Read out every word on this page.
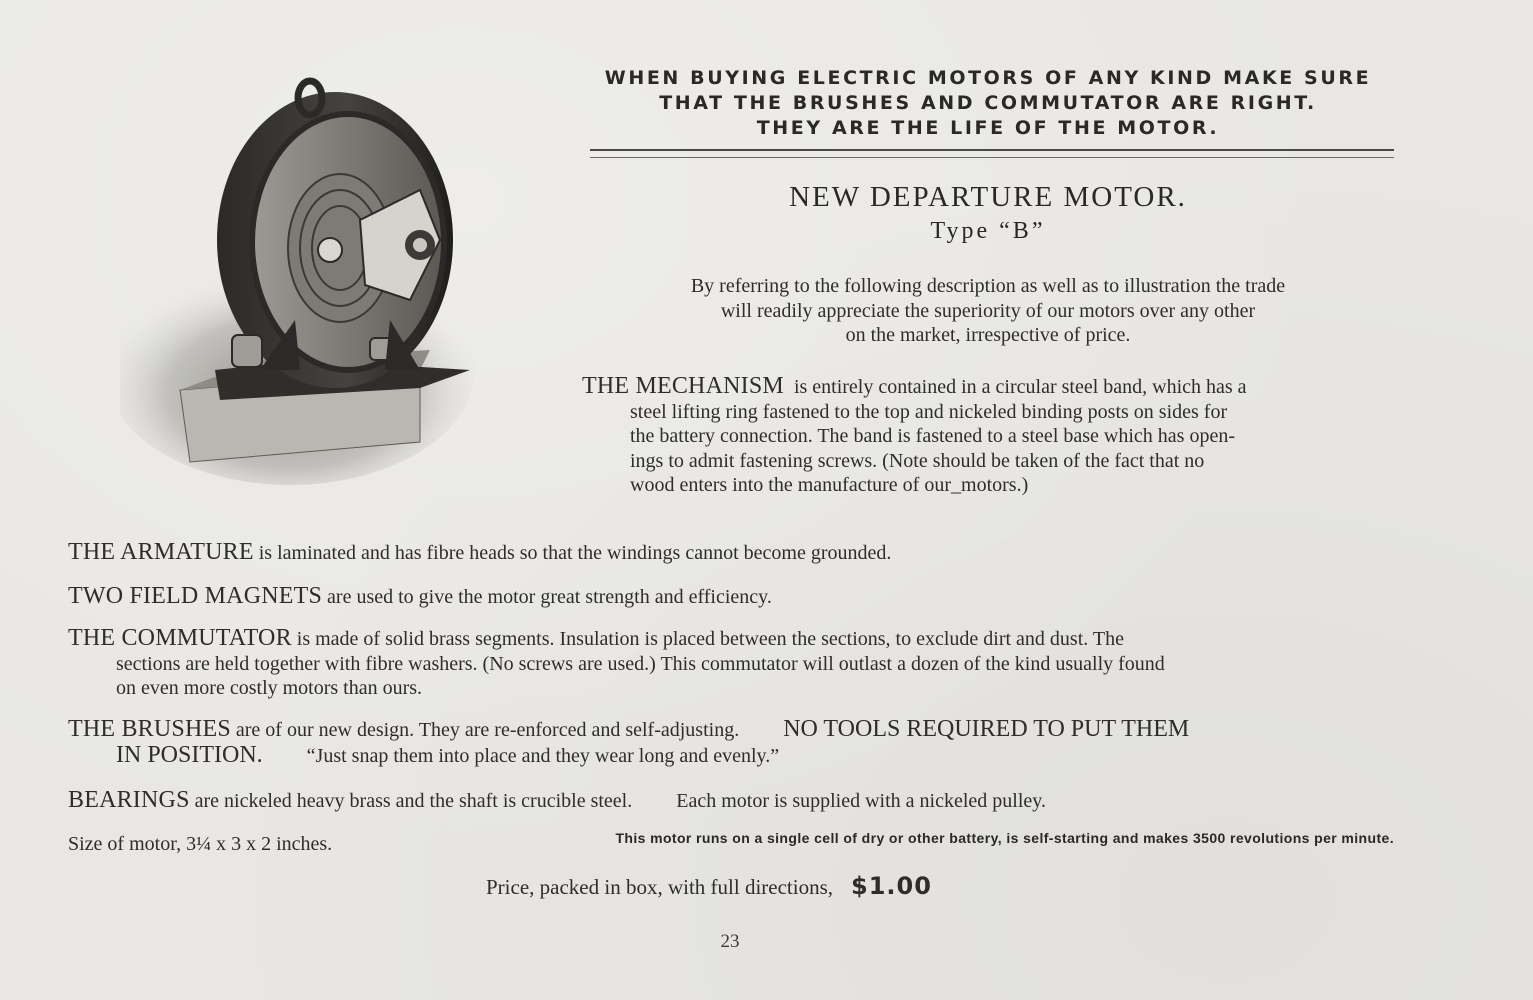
WHEN BUYING ELECTRIC MOTORS OF ANY KIND MAKE SURE
THAT THE BRUSHES AND COMMUTATOR ARE RIGHT.
THEY ARE THE LIFE OF THE MOTOR.
NEW DEPARTURE MOTOR.
Type “B”
By referring to the following description as well as to illustration the trade
will readily appreciate the superiority of our motors over any other
on the market, irrespective of price.
THE MECHANISM is entirely contained in a circular steel band, which has a
steel lifting ring fastened to the top and nickeled binding posts on sides for
the battery connection. The band is fastened to a steel base which has open-
ings to admit fastening screws. (Note should be taken of the fact that no
wood enters into the manufacture of our_motors.)
THE ARMATURE is laminated and has fibre heads so that the windings cannot become grounded.
TWO FIELD MAGNETS are used to give the motor great strength and efficiency.
THE COMMUTATOR is made of solid brass segments. Insulation is placed between the sections, to exclude dirt and dust. The
sections are held together with fibre washers. (No screws are used.) This commutator will outlast a dozen of the kind usually found
on even more costly motors than ours.
THE BRUSHES are of our new design. They are re-enforced and self-adjusting. NO TOOLS REQUIRED TO PUT THEM
IN POSITION. “Just snap them into place and they wear long and evenly.”
BEARINGS are nickeled heavy brass and the shaft is crucible steel. Each motor is supplied with a nickeled pulley.
Size of motor, 3¼ x 3 x 2 inches.	This motor runs on a single cell of dry or other battery, is self-starting and makes 3500 revolutions per minute.
Price, packed in box, with full directions, $1.00
23
